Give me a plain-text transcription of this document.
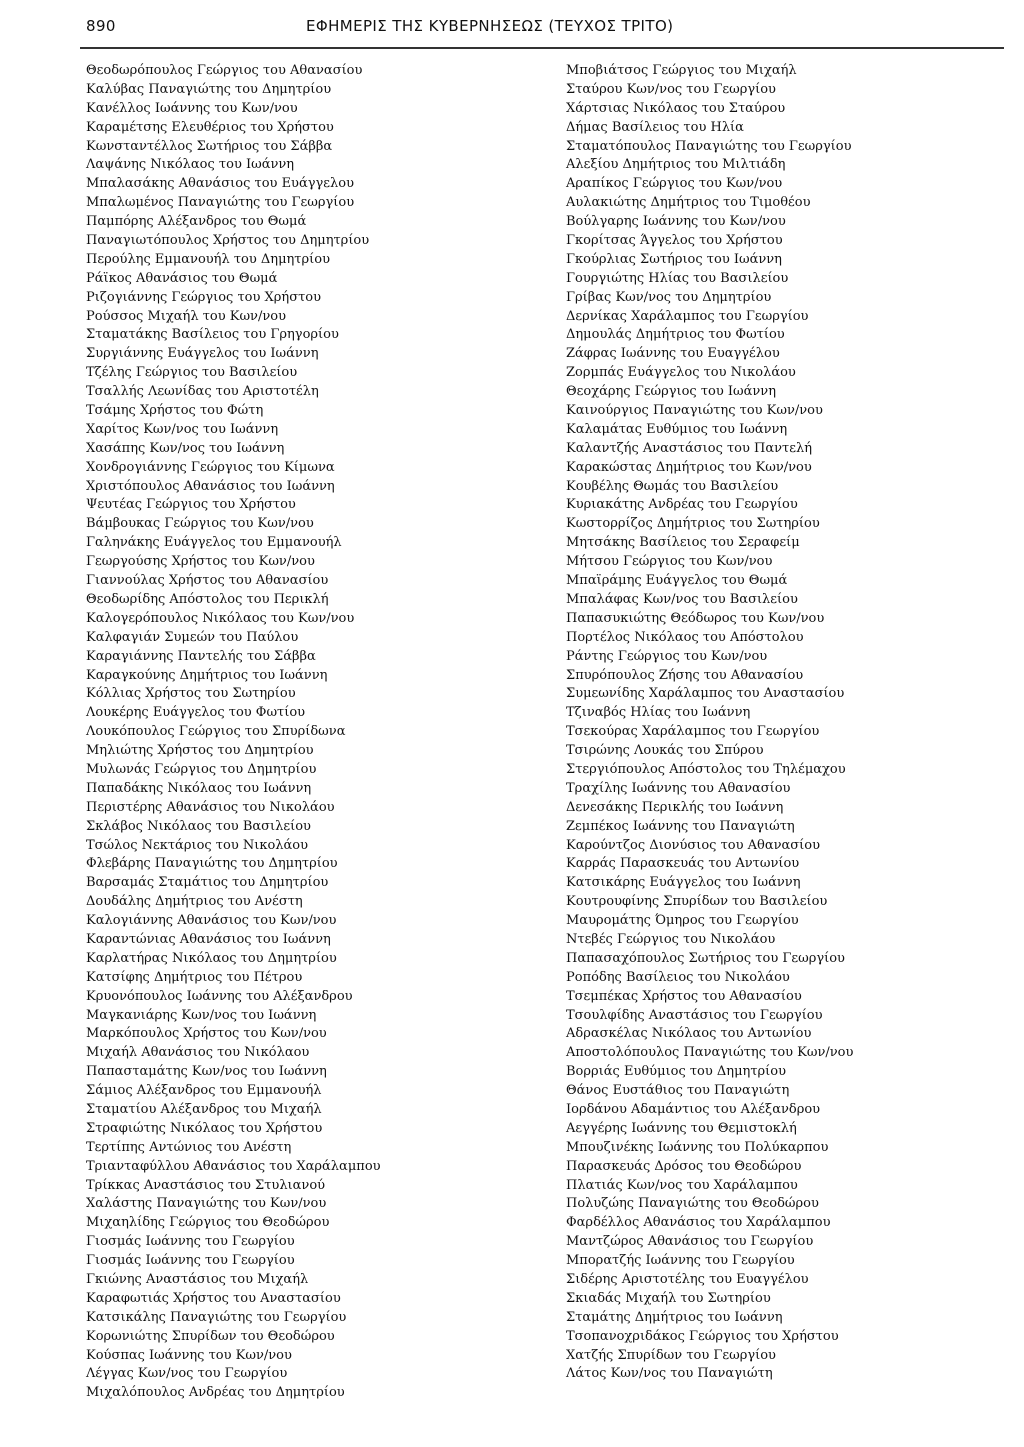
890	ΕΦΗΜΕΡΙΣ ΤΗΣ ΚΥΒΕΡΝΗΣΕΩΣ (ΤΕΥΧΟΣ ΤΡΙΤΟ)
Θεοδωρόπουλος Γεώργιος του Αθανασίου
Καλύβας Παναγιώτης του Δημητρίου
Κανέλλος Ιωάννης του Κων/νου
Καραμέτσης Ελευθέριος του Χρήστου
Κωνσταντέλλος Σωτήριος του Σάββα
Λαψάνης Νικόλαος του Ιωάννη
Μπαλασάκης Αθανάσιος του Ευάγγελου
Μπαλωμένος Παναγιώτης του Γεωργίου
Παμπόρης Αλέξανδρος του Θωμά
Παναγιωτόπουλος Χρήστος του Δημητρίου
Περούλης Εμμανουήλ του Δημητρίου
Ράϊκος Αθανάσιος του Θωμά
Ριζογιάννης Γεώργιος του Χρήστου
Ρούσσος Μιχαήλ του Κων/νου
Σταματάκης Βασίλειος του Γρηγορίου
Συργιάννης Ευάγγελος του Ιωάννη
Τζέλης Γεώργιος του Βασιλείου
Τσαλλής Λεωνίδας του Αριστοτέλη
Τσάμης Χρήστος του Φώτη
Χαρίτος Κων/νος του Ιωάννη
Χασάπης Κων/νος του Ιωάννη
Χονδρογιάννης Γεώργιος του Κίμωνα
Χριστόπουλος Αθανάσιος του Ιωάννη
Ψευτέας Γεώργιος του Χρήστου
Βάμβουκας Γεώργιος του Κων/νου
Γαληνάκης Ευάγγελος του Εμμανουήλ
Γεωργούσης Χρήστος του Κων/νου
Γιαννούλας Χρήστος του Αθανασίου
Θεοδωρίδης Απόστολος του Περικλή
Καλογερόπουλος Νικόλαος του Κων/νου
Καλφαγιάν Συμεών του Παύλου
Καραγιάννης Παντελής του Σάββα
Καραγκούνης Δημήτριος του Ιωάννη
Κόλλιας Χρήστος του Σωτηρίου
Λουκέρης Ευάγγελος του Φωτίου
Λουκόπουλος Γεώργιος του Σπυρίδωνα
Μηλιώτης Χρήστος του Δημητρίου
Μυλωνάς Γεώργιος του Δημητρίου
Παπαδάκης Νικόλαος του Ιωάννη
Περιστέρης Αθανάσιος του Νικολάου
Σκλάβος Νικόλαος του Βασιλείου
Τσώλος Νεκτάριος του Νικολάου
Φλεβάρης Παναγιώτης του Δημητρίου
Βαρσαμάς Σταμάτιος του Δημητρίου
Δουδάλης Δημήτριος του Ανέστη
Καλογιάννης Αθανάσιος του Κων/νου
Καραντώνιας Αθανάσιος του Ιωάννη
Καρλατήρας Νικόλαος του Δημητρίου
Κατσίφης Δημήτριος του Πέτρου
Κρυονόπουλος Ιωάννης του Αλέξανδρου
Μαγκανιάρης Κων/νος του Ιωάννη
Μαρκόπουλος Χρήστος του Κων/νου
Μιχαήλ Αθανάσιος του Νικόλαου
Παπασταμάτης Κων/νος του Ιωάννη
Σάμιος Αλέξανδρος του Εμμανουήλ
Σταματίου Αλέξανδρος του Μιχαήλ
Στραφιώτης Νικόλαος του Χρήστου
Τερτίπης Αντώνιος του Ανέστη
Τριανταφύλλου Αθανάσιος του Χαράλαμπου
Τρίκκας Αναστάσιος του Στυλιανού
Χαλάστης Παναγιώτης του Κων/νου
Μιχαηλίδης Γεώργιος του Θεοδώρου
Γιοσμάς Ιωάννης του Γεωργίου
Γιοσμάς Ιωάννης του Γεωργίου
Γκιώνης Αναστάσιος του Μιχαήλ
Καραφωτιάς Χρήστος του Αναστασίου
Κατσικάλης Παναγιώτης του Γεωργίου
Κορωνιώτης Σπυρίδων του Θεοδώρου
Κούσπας Ιωάννης του Κων/νου
Λέγγας Κων/νος του Γεωργίου
Μιχαλόπουλος Ανδρέας του Δημητρίου
Μποβιάτσος Γεώργιος του Μιχαήλ
Σταύρου Κων/νος του Γεωργίου
Χάρτσιας Νικόλαος του Σταύρου
Δήμας Βασίλειος του Ηλία
Σταματόπουλος Παναγιώτης του Γεωργίου
Αλεξίου Δημήτριος του Μιλτιάδη
Αραπίκος Γεώργιος του Κων/νου
Αυλακιώτης Δημήτριος του Τιμοθέου
Βούλγαρης Ιωάννης του Κων/νου
Γκορίτσας Άγγελος του Χρήστου
Γκούρλιας Σωτήριος του Ιωάννη
Γουργιώτης Ηλίας του Βασιλείου
Γρίβας Κων/νος του Δημητρίου
Δερνίκας Χαράλαμπος του Γεωργίου
Δημουλάς Δημήτριος του Φωτίου
Ζάφρας Ιωάννης του Ευαγγέλου
Ζορμπάς Ευάγγελος του Νικολάου
Θεοχάρης Γεώργιος του Ιωάννη
Καινούργιος Παναγιώτης του Κων/νου
Καλαμάτας Ευθύμιος του Ιωάννη
Καλαντζής Αναστάσιος του Παντελή
Καρακώστας Δημήτριος του Κων/νου
Κουβέλης Θωμάς του Βασιλείου
Κυριακάτης Ανδρέας του Γεωργίου
Κωστορρίζος Δημήτριος του Σωτηρίου
Μητσάκης Βασίλειος του Σεραφείμ
Μήτσου Γεώργιος του Κων/νου
Μπαϊράμης Ευάγγελος του Θωμά
Μπαλάφας Κων/νος του Βασιλείου
Παπασυκιώτης Θεόδωρος του Κων/νου
Πορτέλος Νικόλαος του Απόστολου
Ράντης Γεώργιος του Κων/νου
Σπυρόπουλος Ζήσης του Αθανασίου
Συμεωνίδης Χαράλαμπος του Αναστασίου
Τζιναβός Ηλίας του Ιωάννη
Τσεκούρας Χαράλαμπος του Γεωργίου
Τσιρώνης Λουκάς του Σπύρου
Στεργιόπουλος Απόστολος του Τηλέμαχου
Τραχίλης Ιωάννης του Αθανασίου
Δενεσάκης Περικλής του Ιωάννη
Ζεμπέκος Ιωάννης του Παναγιώτη
Καρούντζος Διονύσιος του Αθανασίου
Καρράς Παρασκευάς του Αντωνίου
Κατσικάρης Ευάγγελος του Ιωάννη
Κουτρουφίνης Σπυρίδων του Βασιλείου
Μαυρομάτης Όμηρος του Γεωργίου
Ντεβές Γεώργιος του Νικολάου
Παπασαχόπουλος Σωτήριος του Γεωργίου
Ροπόδης Βασίλειος του Νικολάου
Τσεμπέκας Χρήστος του Αθανασίου
Τσουλφίδης Αναστάσιος του Γεωργίου
Αδρασκέλας Νικόλαος του Αντωνίου
Αποστολόπουλος Παναγιώτης του Κων/νου
Βορριάς Ευθύμιος του Δημητρίου
Θάνος Ευστάθιος του Παναγιώτη
Ιορδάνου Αδαμάντιος του Αλέξανδρου
Αεγγέρης Ιωάννης του Θεμιστοκλή
Μπουζινέκης Ιωάννης του Πολύκαρπου
Παρασκευάς Δρόσος του Θεοδώρου
Πλατιάς Κων/νος του Χαράλαμπου
Πολυζώης Παναγιώτης του Θεοδώρου
Φαρδέλλος Αθανάσιος του Χαράλαμπου
Μαντζώρος Αθανάσιος του Γεωργίου
Μπορατζής Ιωάννης του Γεωργίου
Σιδέρης Αριστοτέλης του Ευαγγέλου
Σκιαδάς Μιχαήλ του Σωτηρίου
Σταμάτης Δημήτριος του Ιωάννη
Τσοπανοχριδάκος Γεώργιος του Χρήστου
Χατζής Σπυρίδων του Γεωργίου
Λάτος Κων/νος του Παναγιώτη
